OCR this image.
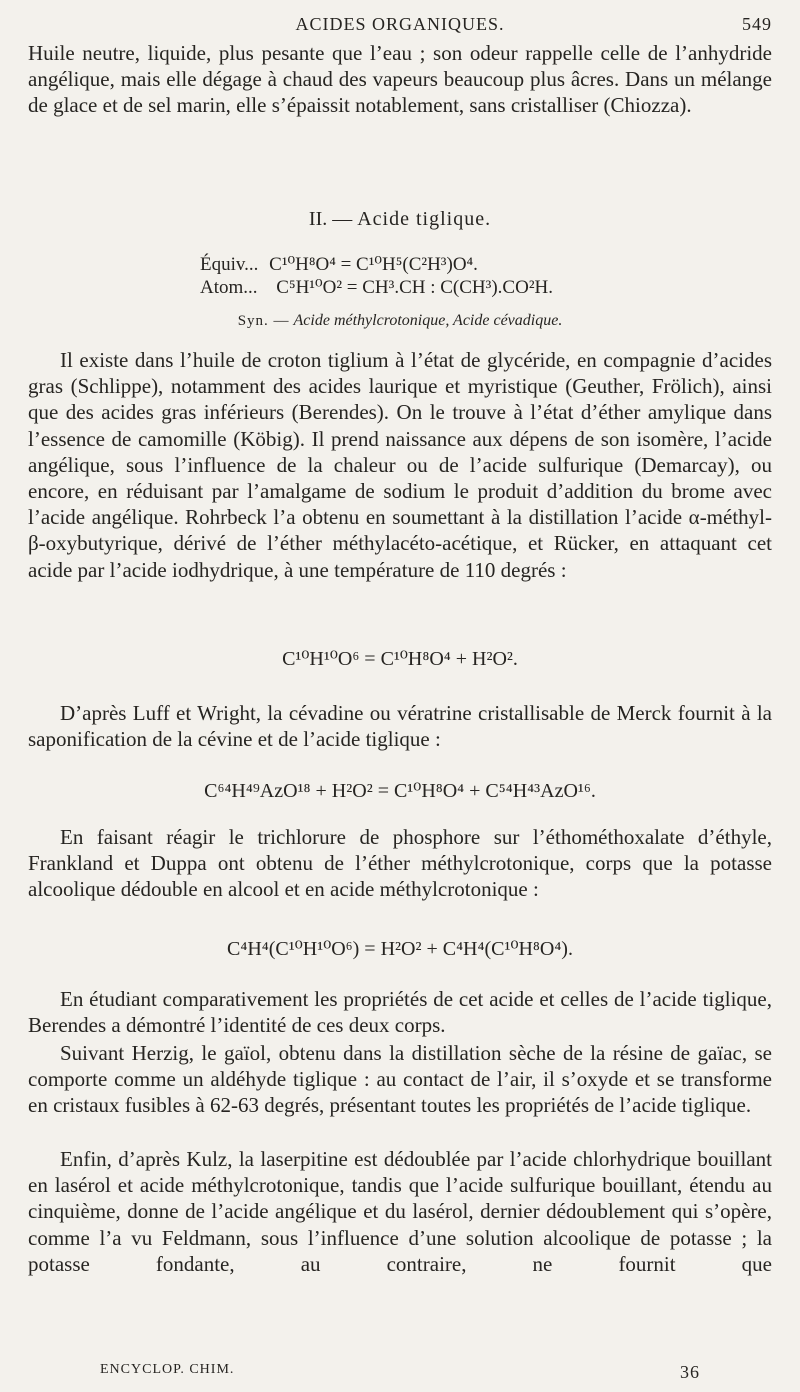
ACIDES ORGANIQUES.	549
Huile neutre, liquide, plus pesante que l’eau ; son odeur rappelle celle de l’anhydride angélique, mais elle dégage à chaud des vapeurs beaucoup plus âcres. Dans un mélange de glace et de sel marin, elle s’épaissit notablement, sans cristalliser (Chiozza).
II. — Acide tiglique.
Équiv... C¹⁰H⁸O⁴ = C¹⁰H⁵(C²H³)O⁴.
Atom... C⁵H¹⁰O² = CH³.CH : C(CH³).CO²H.
Syn. — Acide méthylcrotonique, Acide cévadique.
Il existe dans l’huile de croton tiglium à l’état de glycéride, en compagnie d’acides gras (Schlippe), notamment des acides laurique et myristique (Geuther, Frölich), ainsi que des acides gras inférieurs (Berendes). On le trouve à l’état d’éther amylique dans l’essence de camomille (Köbig). Il prend naissance aux dépens de son isomère, l’acide angélique, sous l’influence de la chaleur ou de l’acide sulfurique (Demarcay), ou encore, en réduisant par l’amalgame de sodium le produit d’addition du brome avec l’acide angélique. Rohrbeck l’a obtenu en soumettant à la distillation l’acide α-méthyl-β-oxybutyrique, dérivé de l’éther méthylacéto-acétique, et Rücker, en attaquant cet acide par l’acide iodhydrique, à une température de 110 degrés :
C¹⁰H¹⁰O⁶ = C¹⁰H⁸O⁴ + H²O².
D’après Luff et Wright, la cévadine ou vératrine cristallisable de Merck fournit à la saponification de la cévine et de l’acide tiglique :
C⁶⁴H⁴⁹AzO¹⁸ + H²O² = C¹⁰H⁸O⁴ + C⁵⁴H⁴³AzO¹⁶.
En faisant réagir le trichlorure de phosphore sur l’éthométhoxalate d’éthyle, Frankland et Duppa ont obtenu de l’éther méthylcrotonique, corps que la potasse alcoolique dédouble en alcool et en acide méthylcrotonique :
C⁴H⁴(C¹⁰H¹⁰O⁶) = H²O² + C⁴H⁴(C¹⁰H⁸O⁴).
En étudiant comparativement les propriétés de cet acide et celles de l’acide tiglique, Berendes a démontré l’identité de ces deux corps.
Suivant Herzig, le gaïol, obtenu dans la distillation sèche de la résine de gaïac, se comporte comme un aldéhyde tiglique : au contact de l’air, il s’oxyde et se transforme en cristaux fusibles à 62-63 degrés, présentant toutes les propriétés de l’acide tiglique.
Enfin, d’après Kulz, la laserpitine est dédoublée par l’acide chlorhydrique bouillant en lasérol et acide méthylcrotonique, tandis que l’acide sulfurique bouillant, étendu au cinquième, donne de l’acide angélique et du lasérol, dernier dédoublement qui s’opère, comme l’a vu Feldmann, sous l’influence d’une solution alcoolique de potasse ; la potasse fondante, au contraire, ne fournit que
ENCYCLOP. CHIM.	36
